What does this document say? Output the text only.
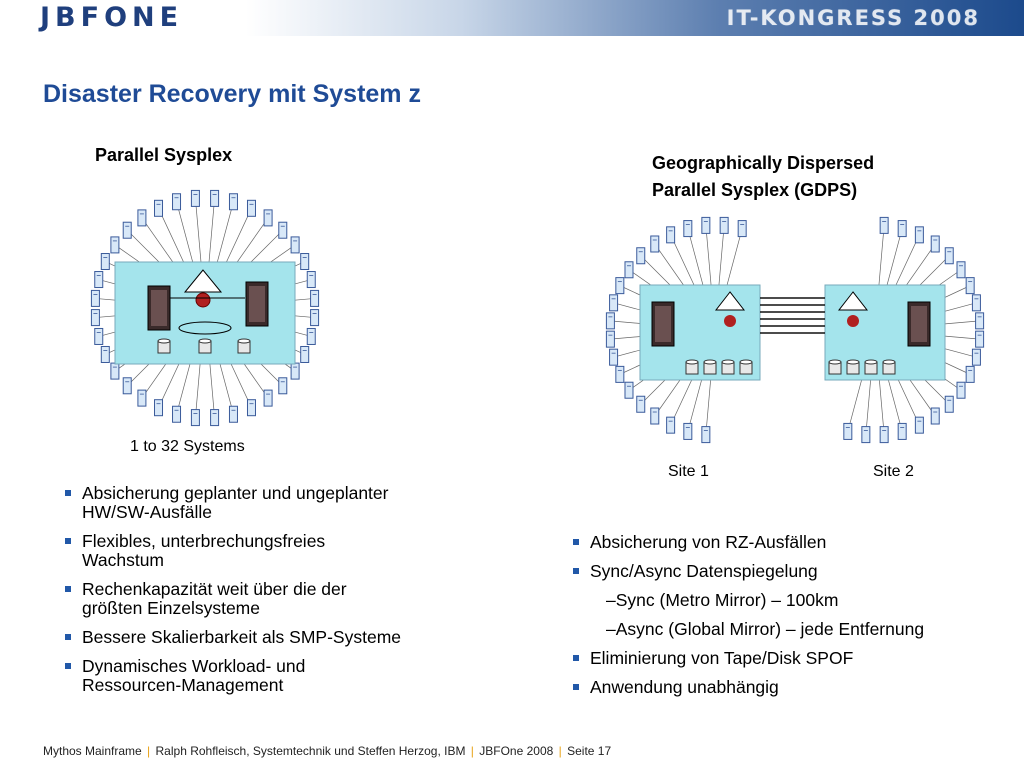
JBFONE	IT-KONGRESS 2008
Disaster Recovery mit System z
Parallel Sysplex	Geographically Dispersed
Parallel Sysplex (GDPS)
1 to 32 Systems
Site 1	Site 2
Absicherung geplanter und ungeplanter HW/SW-Ausfälle
Flexibles, unterbrechungsfreies Wachstum
Rechenkapazität weit über die der größten Einzelsysteme
Bessere Skalierbarkeit als SMP-Systeme
Dynamisches Workload- und Ressourcen-Management
Absicherung von RZ-Ausfällen
Sync/Async Datenspiegelung
–Sync (Metro Mirror) – 100km
–Async (Global Mirror) – jede Entfernung
Eliminierung von Tape/Disk SPOF
Anwendung unabhängig
Mythos Mainframe | Ralph Rohfleisch, Systemtechnik und Steffen Herzog, IBM | JBFOne 2008 | Seite 17
